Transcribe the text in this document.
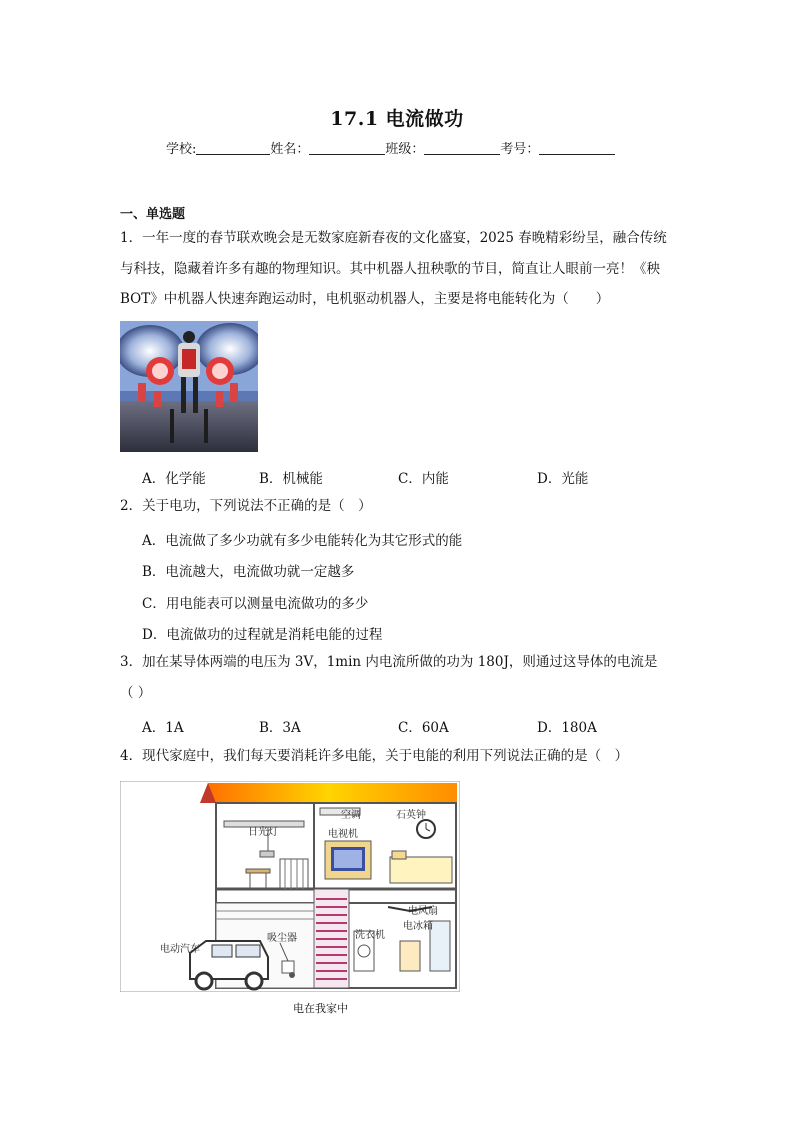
17.1 电流做功
学校:	姓名：	班级：	考号：
一、单选题
1．一年一度的春节联欢晚会是无数家庭新春夜的文化盛宴，2025 春晚精彩纷呈，融合传统
与科技，隐藏着许多有趣的物理知识。其中机器人扭秧歌的节目，简直让人眼前一亮！《秧
BOT》中机器人快速奔跑运动时，电机驱动机器人，主要是将电能转化为（　　）
A．化学能	B．机械能	C．内能	D．光能
2．关于电功，下列说法不正确的是（　）
A．电流做了多少功就有多少电能转化为其它形式的能
B．电流越大，电流做功就一定越多
C．用电能表可以测量电流做功的多少
D．电流做功的过程就是消耗电能的过程
3．加在某导体两端的电压为 3V，1min 内电流所做的功为 180J，则通过这导体的电流是
（ ）
A．1A	B．3A	C．60A	D．180A
4．现代家庭中，我们每天要消耗许多电能，关于电能的利用下列说法正确的是（　）
空调	石英钟
日光灯	电视机
电风扇
电冰箱
洗衣机
吸尘器
电动汽车
电在我家中
